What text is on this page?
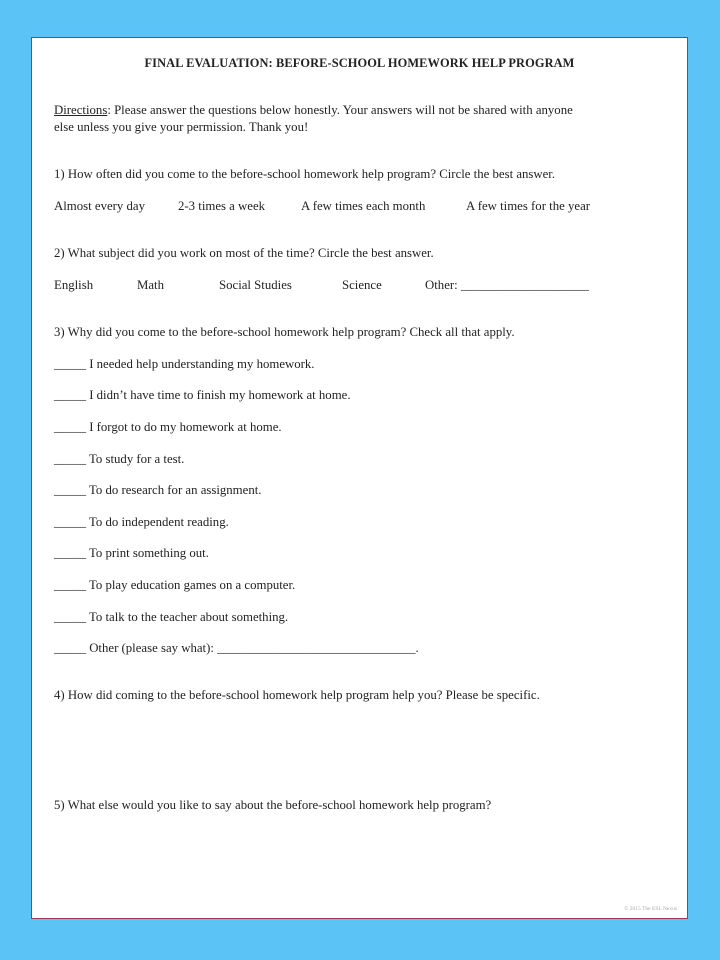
FINAL EVALUATION: BEFORE-SCHOOL HOMEWORK HELP PROGRAM
Directions: Please answer the questions below honestly. Your answers will not be shared with anyone
else unless you give your permission. Thank you!
1) How often did you come to the before-school homework help program? Circle the best answer.
Almost every day	2-3 times a week	A few times each month	A few times for the year
2) What subject did you work on most of the time? Circle the best answer.
English	Math	Social Studies	Science	Other: ____________________
3) Why did you come to the before-school homework help program? Check all that apply.
_____ I needed help understanding my homework.
_____ I didn’t have time to finish my homework at home.
_____ I forgot to do my homework at home.
_____ To study for a test.
_____ To do research for an assignment.
_____ To do independent reading.
_____ To print something out.
_____ To play education games on a computer.
_____ To talk to the teacher about something.
_____ Other (please say what): _______________________________.
4) How did coming to the before-school homework help program help you? Please be specific.
5) What else would you like to say about the before-school homework help program?
© 2015 The ESL Nexus
